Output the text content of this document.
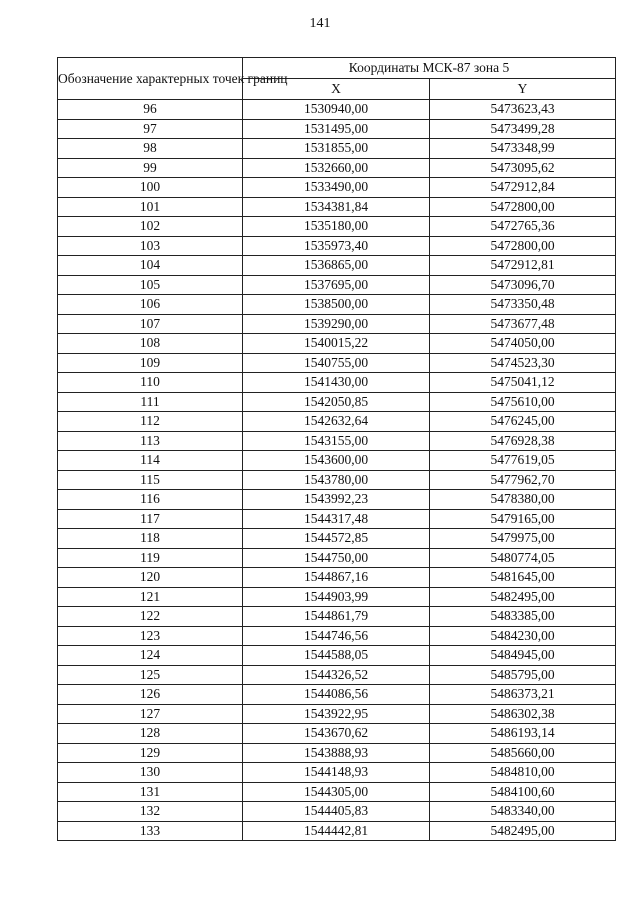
141
Обозначение характерных точек границ	Координаты МСК-87 зона 5	
	X	Y
96	1530940,00	5473623,43
97	1531495,00	5473499,28
98	1531855,00	5473348,99
99	1532660,00	5473095,62
100	1533490,00	5472912,84
101	1534381,84	5472800,00
102	1535180,00	5472765,36
103	1535973,40	5472800,00
104	1536865,00	5472912,81
105	1537695,00	5473096,70
106	1538500,00	5473350,48
107	1539290,00	5473677,48
108	1540015,22	5474050,00
109	1540755,00	5474523,30
110	1541430,00	5475041,12
111	1542050,85	5475610,00
112	1542632,64	5476245,00
113	1543155,00	5476928,38
114	1543600,00	5477619,05
115	1543780,00	5477962,70
116	1543992,23	5478380,00
117	1544317,48	5479165,00
118	1544572,85	5479975,00
119	1544750,00	5480774,05
120	1544867,16	5481645,00
121	1544903,99	5482495,00
122	1544861,79	5483385,00
123	1544746,56	5484230,00
124	1544588,05	5484945,00
125	1544326,52	5485795,00
126	1544086,56	5486373,21
127	1543922,95	5486302,38
128	1543670,62	5486193,14
129	1543888,93	5485660,00
130	1544148,93	5484810,00
131	1544305,00	5484100,60
132	1544405,83	5483340,00
133	1544442,81	5482495,00
